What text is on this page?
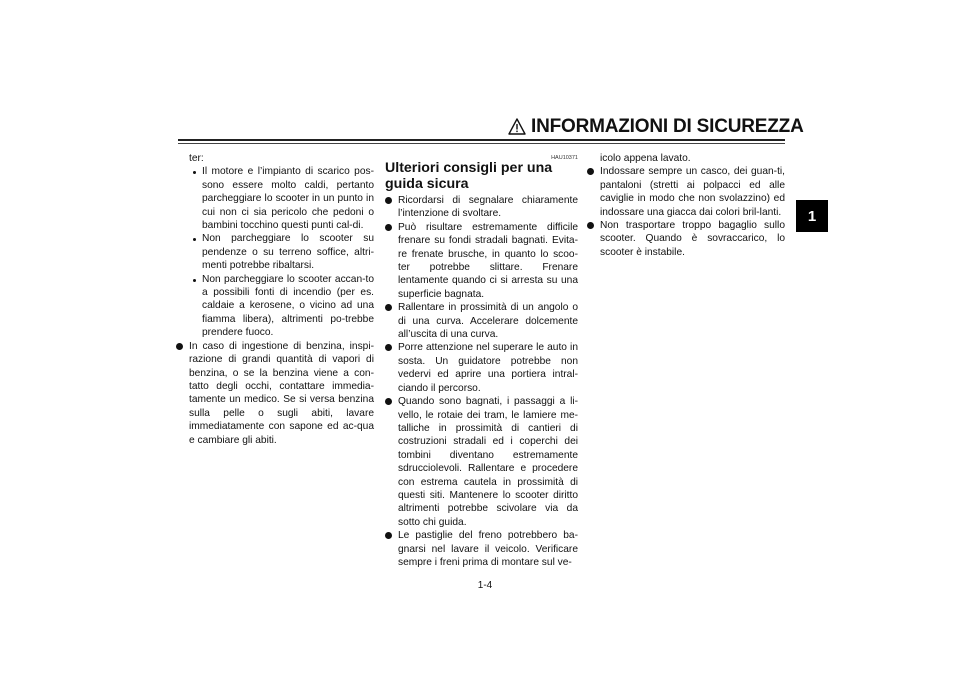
INFORMAZIONI DI SICUREZZA
1

ter:

Il motore e l’impianto di scarico pos-sono essere molto caldi, pertanto parcheggiare lo scooter in un punto in cui non ci sia pericolo che pedoni o bambini tocchino questi punti cal-di.

Non parcheggiare lo scooter su pendenze o su terreno soffice, altri-menti potrebbe ribaltarsi.

Non parcheggiare lo scooter accan-to a possibili fonti di incendio (per es. caldaie a kerosene, o vicino ad una fiamma libera), altrimenti po-trebbe prendere fuoco.

In caso di ingestione di benzina, inspi-razione di grandi quantità di vapori di benzina, o se la benzina viene a con-tatto degli occhi, contattare immedia-tamente un medico. Se si versa benzina sulla pelle o sugli abiti, lavare immediatamente con sapone ed ac-qua e cambiare gli abiti.

HAU10371
Ulteriori consigli per una guida sicura

Ricordarsi di segnalare chiaramente l’intenzione di svoltare.

Può risultare estremamente difficile frenare su fondi stradali bagnati. Evita-re frenate brusche, in quanto lo scoo-ter potrebbe slittare. Frenare lentamente quando ci si arresta su una superficie bagnata.

Rallentare in prossimità di un angolo o di una curva. Accelerare dolcemente all’uscita di una curva.

Porre attenzione nel superare le auto in sosta. Un guidatore potrebbe non vedervi ed aprire una portiera intral-ciando il percorso.

Quando sono bagnati, i passaggi a li-vello, le rotaie dei tram, le lamiere me-talliche in prossimità di cantieri di costruzioni stradali ed i coperchi dei tombini diventano estremamente sdrucciolevoli. Rallentare e procedere con estrema cautela in prossimità di questi siti. Mantenere lo scooter diritto altrimenti potrebbe scivolare via da sotto chi guida.

Le pastiglie del freno potrebbero ba-gnarsi nel lavare il veicolo. Verificare sempre i freni prima di montare sul ve-

icolo appena lavato.

Indossare sempre un casco, dei guan-ti, pantaloni (stretti ai polpacci ed alle caviglie in modo che non svolazzino) ed indossare una giacca dai colori bril-lanti.

Non trasportare troppo bagaglio sullo scooter. Quando è sovraccarico, lo scooter è instabile.

1-4
